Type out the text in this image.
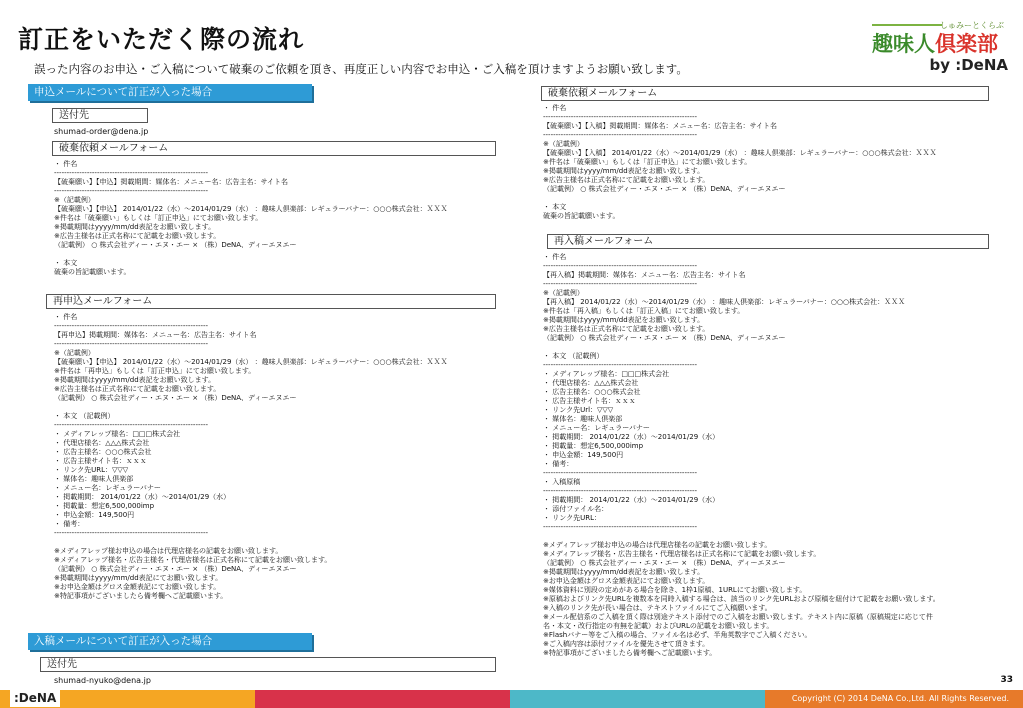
訂正をいただく際の流れ	しゅみーとくらぶ
趣味人倶楽部
by :DeNA
誤った内容のお申込・ご入稿について破棄のご依頼を頂き、再度正しい内容でお申込・ご入稿を頂けますようお願い致します。
申込メールについて訂正が入った場合
送付先
shumad-order@dena.jp
破棄依頼メールフォーム
・ 件名
-------------------------------------------------------------
【破棄願い】【申込】掲載期間：媒体名：メニュー名：広告主名：サイト名
-------------------------------------------------------------
※（記載例）
【破棄願い】【申込】 2014/01/22（水）～2014/01/29（水） ：趣味人倶楽部：レギュラーバナー：○○○株式会社：ＸＸＸ
※件名は「破棄願い」もしくは「訂正申込」にてお願い致します。
※掲載期間はyyyy/mm/dd表記をお願い致します。
※広告主様名は正式名称にて記載をお願い致します。
（記載例） ○ 株式会社ディー・エヌ・エー × （株）DeNA、ディーエヌエー
・ 本文
破棄の旨記載願います。
再申込メールフォーム
・ 件名
-------------------------------------------------------------
【再申込】掲載期間：媒体名：メニュー名：広告主名：サイト名
-------------------------------------------------------------
※（記載例）
【破棄願い】【申込】 2014/01/22（水）～2014/01/29（水） ：趣味人倶楽部：レギュラーバナー：○○○株式会社：ＸＸＸ
※件名は「再申込」もしくは「訂正申込」にてお願い致します。
※掲載期間はyyyy/mm/dd表記をお願い致します。
※広告主様名は正式名称にて記載をお願い致します。
（記載例） ○ 株式会社ディー・エヌ・エー × （株）DeNA、ディーエヌエー
・ 本文 （記載例）
-------------------------------------------------------------
・ メディアレップ様名：□□□株式会社
・ 代理店様名：△△△株式会社
・ 広告主様名：○○○株式会社
・ 広告主様サイト名：ｘｘｘ
・ リンク先URL：▽▽▽
・ 媒体名：趣味人倶楽部
・ メニュー名：レギュラーバナー
・ 掲載期間： 2014/01/22（水）～2014/01/29（水）
・ 掲載量：想定6,500,000imp
・ 申込金額：149,500円
・ 備考：
-------------------------------------------------------------
※メディアレップ様お申込の場合は代理店様名の記載をお願い致します。
※メディアレップ様名・広告主様名・代理店様名は正式名称にて記載をお願い致します。
（記載例） ○ 株式会社ディー・エヌ・エー × （株）DeNA、ディーエヌエー
※掲載期間はyyyy/mm/dd表記にてお願い致します。
※お申込金額はグロス金額表記にてお願い致します。
※特記事項がございましたら備考欄へご記載願います。
入稿メールについて訂正が入った場合
送付先
shumad-nyuko@dena.jp
破棄依頼メールフォーム
・ 件名
-------------------------------------------------------------
【破棄願い】【入稿】掲載期間：媒体名：メニュー名：広告主名：サイト名
-------------------------------------------------------------
※（記載例）
【破棄願い】【入稿】 2014/01/22（水）～2014/01/29（水） ：趣味人倶楽部：レギュラーバナー：○○○株式会社：ＸＸＸ
※件名は「破棄願い」もしくは「訂正申込」にてお願い致します。
※掲載期間はyyyy/mm/dd表記をお願い致します。
※広告主様名は正式名称にて記載をお願い致します。
（記載例） ○ 株式会社ディー・エヌ・エー × （株）DeNA、ディーエヌエー
・ 本文
破棄の旨記載願います。
再入稿メールフォーム
・ 件名
-------------------------------------------------------------
【再入稿】掲載期間：媒体名：メニュー名：広告主名：サイト名
-------------------------------------------------------------
※（記載例）
【再入稿】 2014/01/22（水）～2014/01/29（水） ：趣味人倶楽部：レギュラーバナー：○○○株式会社：ＸＸＸ
※件名は「再入稿」もしくは「訂正入稿」にてお願い致します。
※掲載期間はyyyy/mm/dd表記をお願い致します。
※広告主様名は正式名称にて記載をお願い致します。
（記載例） ○ 株式会社ディー・エヌ・エー × （株）DeNA、ディーエヌエー
・ 本文 （記載例）
-------------------------------------------------------------
・ メディアレップ様名：□□□株式会社
・ 代理店様名：△△△株式会社
・ 広告主様名：○○○株式会社
・ 広告主様サイト名：ｘｘｘ
・ リンク先Url：▽▽▽
・ 媒体名：趣味人倶楽部
・ メニュー名：レギュラーバナー
・ 掲載期間： 2014/01/22（水）～2014/01/29（水）
・ 掲載量：想定6,500,000imp
・ 申込金額：149,500円
・ 備考：
-------------------------------------------------------------
・ 入稿原稿
-------------------------------------------------------------
・ 掲載期間： 2014/01/22（水）～2014/01/29（水）
・ 添付ファイル名：
・ リンク先URL：
-------------------------------------------------------------
※メディアレップ様お申込の場合は代理店様名の記載をお願い致します。
※メディアレップ様名・広告主様名・代理店様名は正式名称にて記載をお願い致します。
（記載例） ○ 株式会社ディー・エヌ・エー × （株）DeNA、ディーエヌエー
※掲載期間はyyyy/mm/dd表記をお願い致します。
※お申込金額はグロス金額表記にてお願い致します。
※媒体資料に別段の定めがある場合を除き、1枠1原稿、1URLにてお願い致します。
※原稿およびリンク先URLを複数本を同時入稿する場合は、該当のリンク先URLおよび原稿を紐付けて記載をお願い致します。
※入稿のリンク先が長い場合は、テキストファイルにてご入稿願います。
※メール配信系のご入稿を頂く際は別途テキスト添付でのご入稿をお願い致します。テキスト内に原稿（原稿規定に応じて件
名・本文・改行指定の有無を記載）およびURLの記載をお願い致します。
※Flashバナー等をご入稿の場合、ファイル名は必ず、半角英数字でご入稿ください。
※ご入稿内容は添付ファイルを優先させて頂きます。
※特記事項がございましたら備考欄へご記載願います。
:DeNA	Copyright (C) 2014 DeNA Co.,Ltd. All Rights Reserved.
33
